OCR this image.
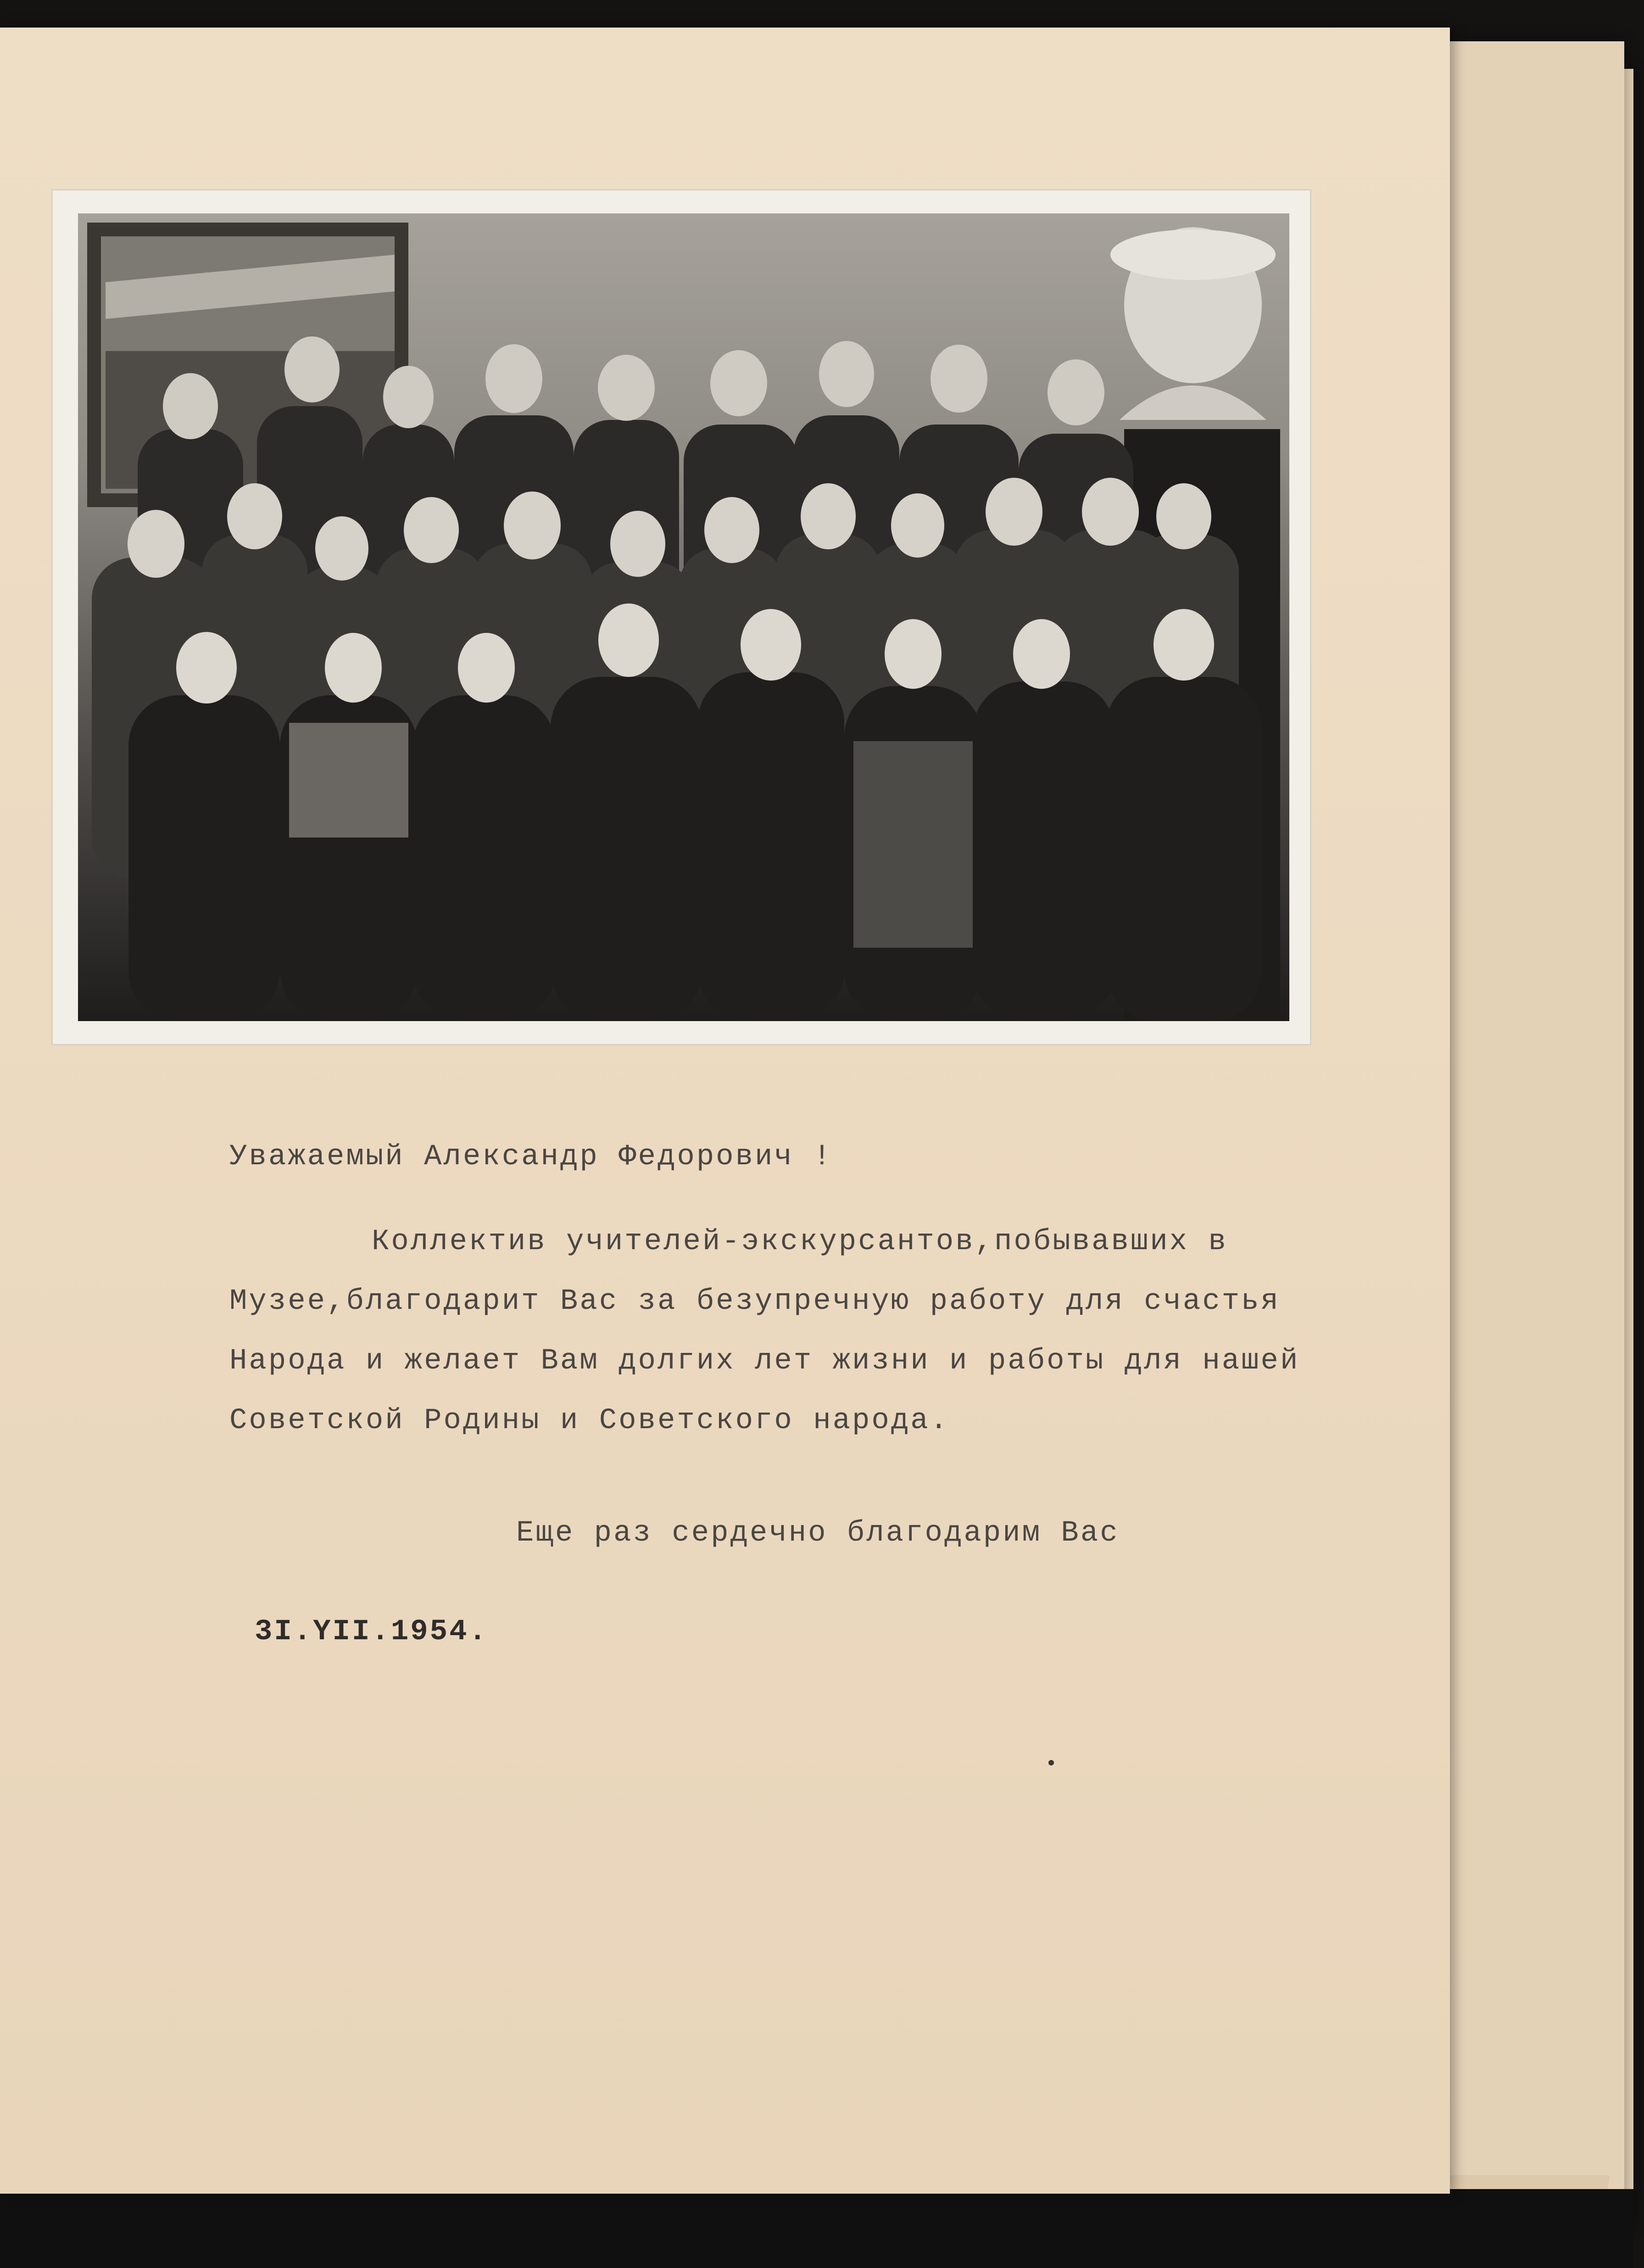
Уважаемый Александр Федорович !

Коллектив учителей-экскурсантов,побывавших в

Музее,благодарит Вас за безупречную работу для счастья

Народа и желает Вам долгих лет жизни и работы для нашей

Советской Родины и Советского народа.

Еще раз сердечно благодарим Вас

3I.YII.1954.
